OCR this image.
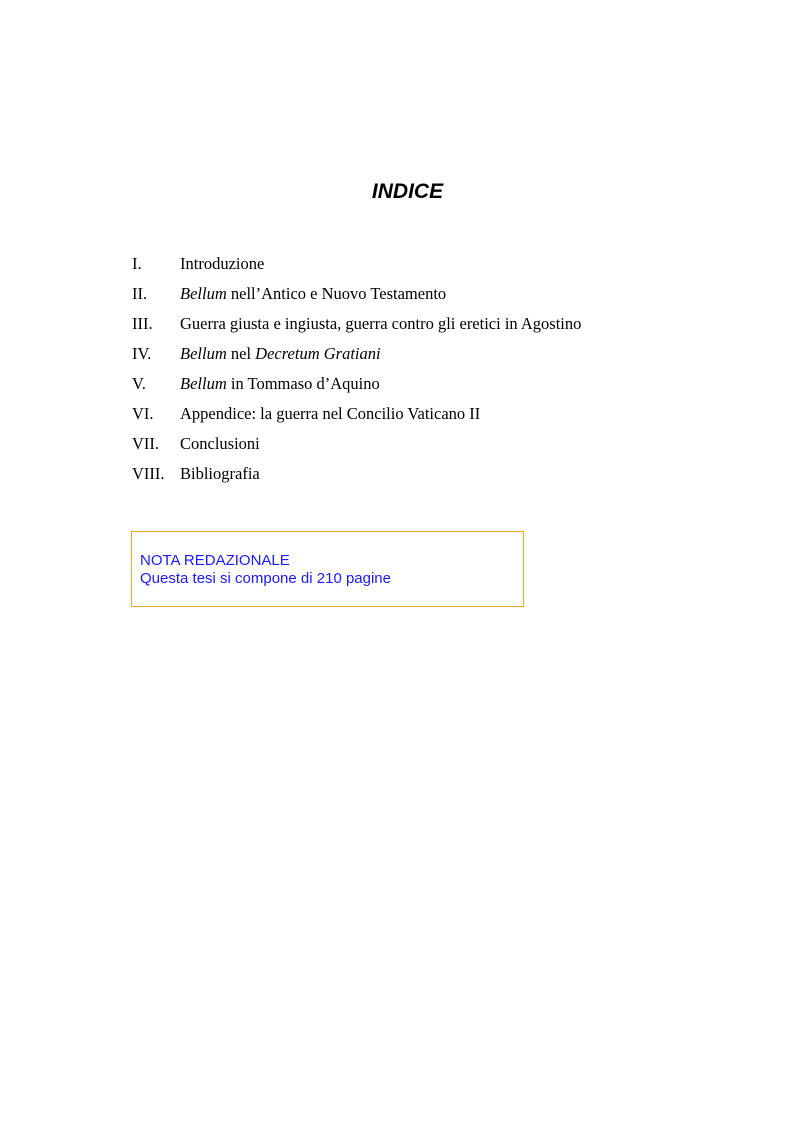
INDICE
I.	Introduzione
II.	Bellum nell’Antico e Nuovo Testamento
III.	Guerra giusta e ingiusta, guerra contro gli eretici in Agostino
IV.	Bellum nel Decretum Gratiani
V.	Bellum in Tommaso d’Aquino
VI.	Appendice: la guerra nel Concilio Vaticano II
VII.	Conclusioni
VIII. Bibliografia
NOTA REDAZIONALE
Questa tesi si compone di 210 pagine
